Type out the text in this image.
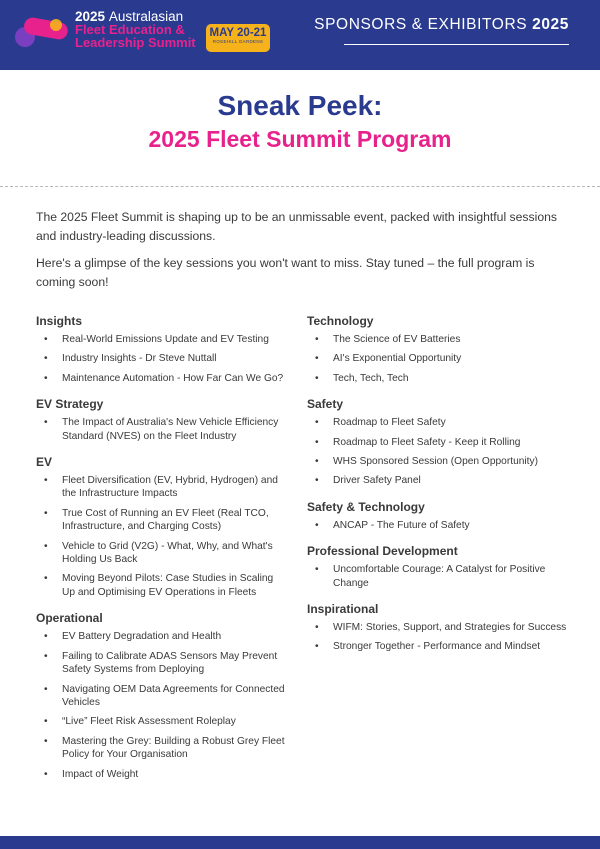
2025 Australasian
Fleet Education &
Leadership Summit
MAY 20-21
ROSEHILL GARDENS
SPONSORS & EXHIBITORS 2025
Sneak Peek:
2025 Fleet Summit Program

The 2025 Fleet Summit is shaping up to be an unmissable event, packed with insightful sessions and industry-leading discussions.

Here's a glimpse of the key sessions you won't want to miss. Stay tuned – the full program is coming soon!

Insights
• Real-World Emissions Update and EV Testing
• Industry Insights - Dr Steve Nuttall
• Maintenance Automation - How Far Can We Go?
EV Strategy
• The Impact of Australia's New Vehicle Efficiency Standard (NVES) on the Fleet Industry
EV
• Fleet Diversification (EV, Hybrid, Hydrogen) and the Infrastructure Impacts
• True Cost of Running an EV Fleet (Real TCO, Infrastructure, and Charging Costs)
• Vehicle to Grid (V2G) - What, Why, and What's Holding Us Back
• Moving Beyond Pilots: Case Studies in Scaling Up and Optimising EV Operations in Fleets
Operational
• EV Battery Degradation and Health
• Failing to Calibrate ADAS Sensors May Prevent Safety Systems from Deploying
• Navigating OEM Data Agreements for Connected Vehicles
• “Live” Fleet Risk Assessment Roleplay
• Mastering the Grey: Building a Robust Grey Fleet Policy for Your Organisation
• Impact of Weight
Technology
• The Science of EV Batteries
• AI's Exponential Opportunity
• Tech, Tech, Tech
Safety
• Roadmap to Fleet Safety
• Roadmap to Fleet Safety - Keep it Rolling
• WHS Sponsored Session (Open Opportunity)
• Driver Safety Panel
Safety & Technology
• ANCAP - The Future of Safety
Professional Development
• Uncomfortable Courage: A Catalyst for Positive Change
Inspirational
• WIFM: Stories, Support, and Strategies for Success
• Stronger Together - Performance and Mindset
